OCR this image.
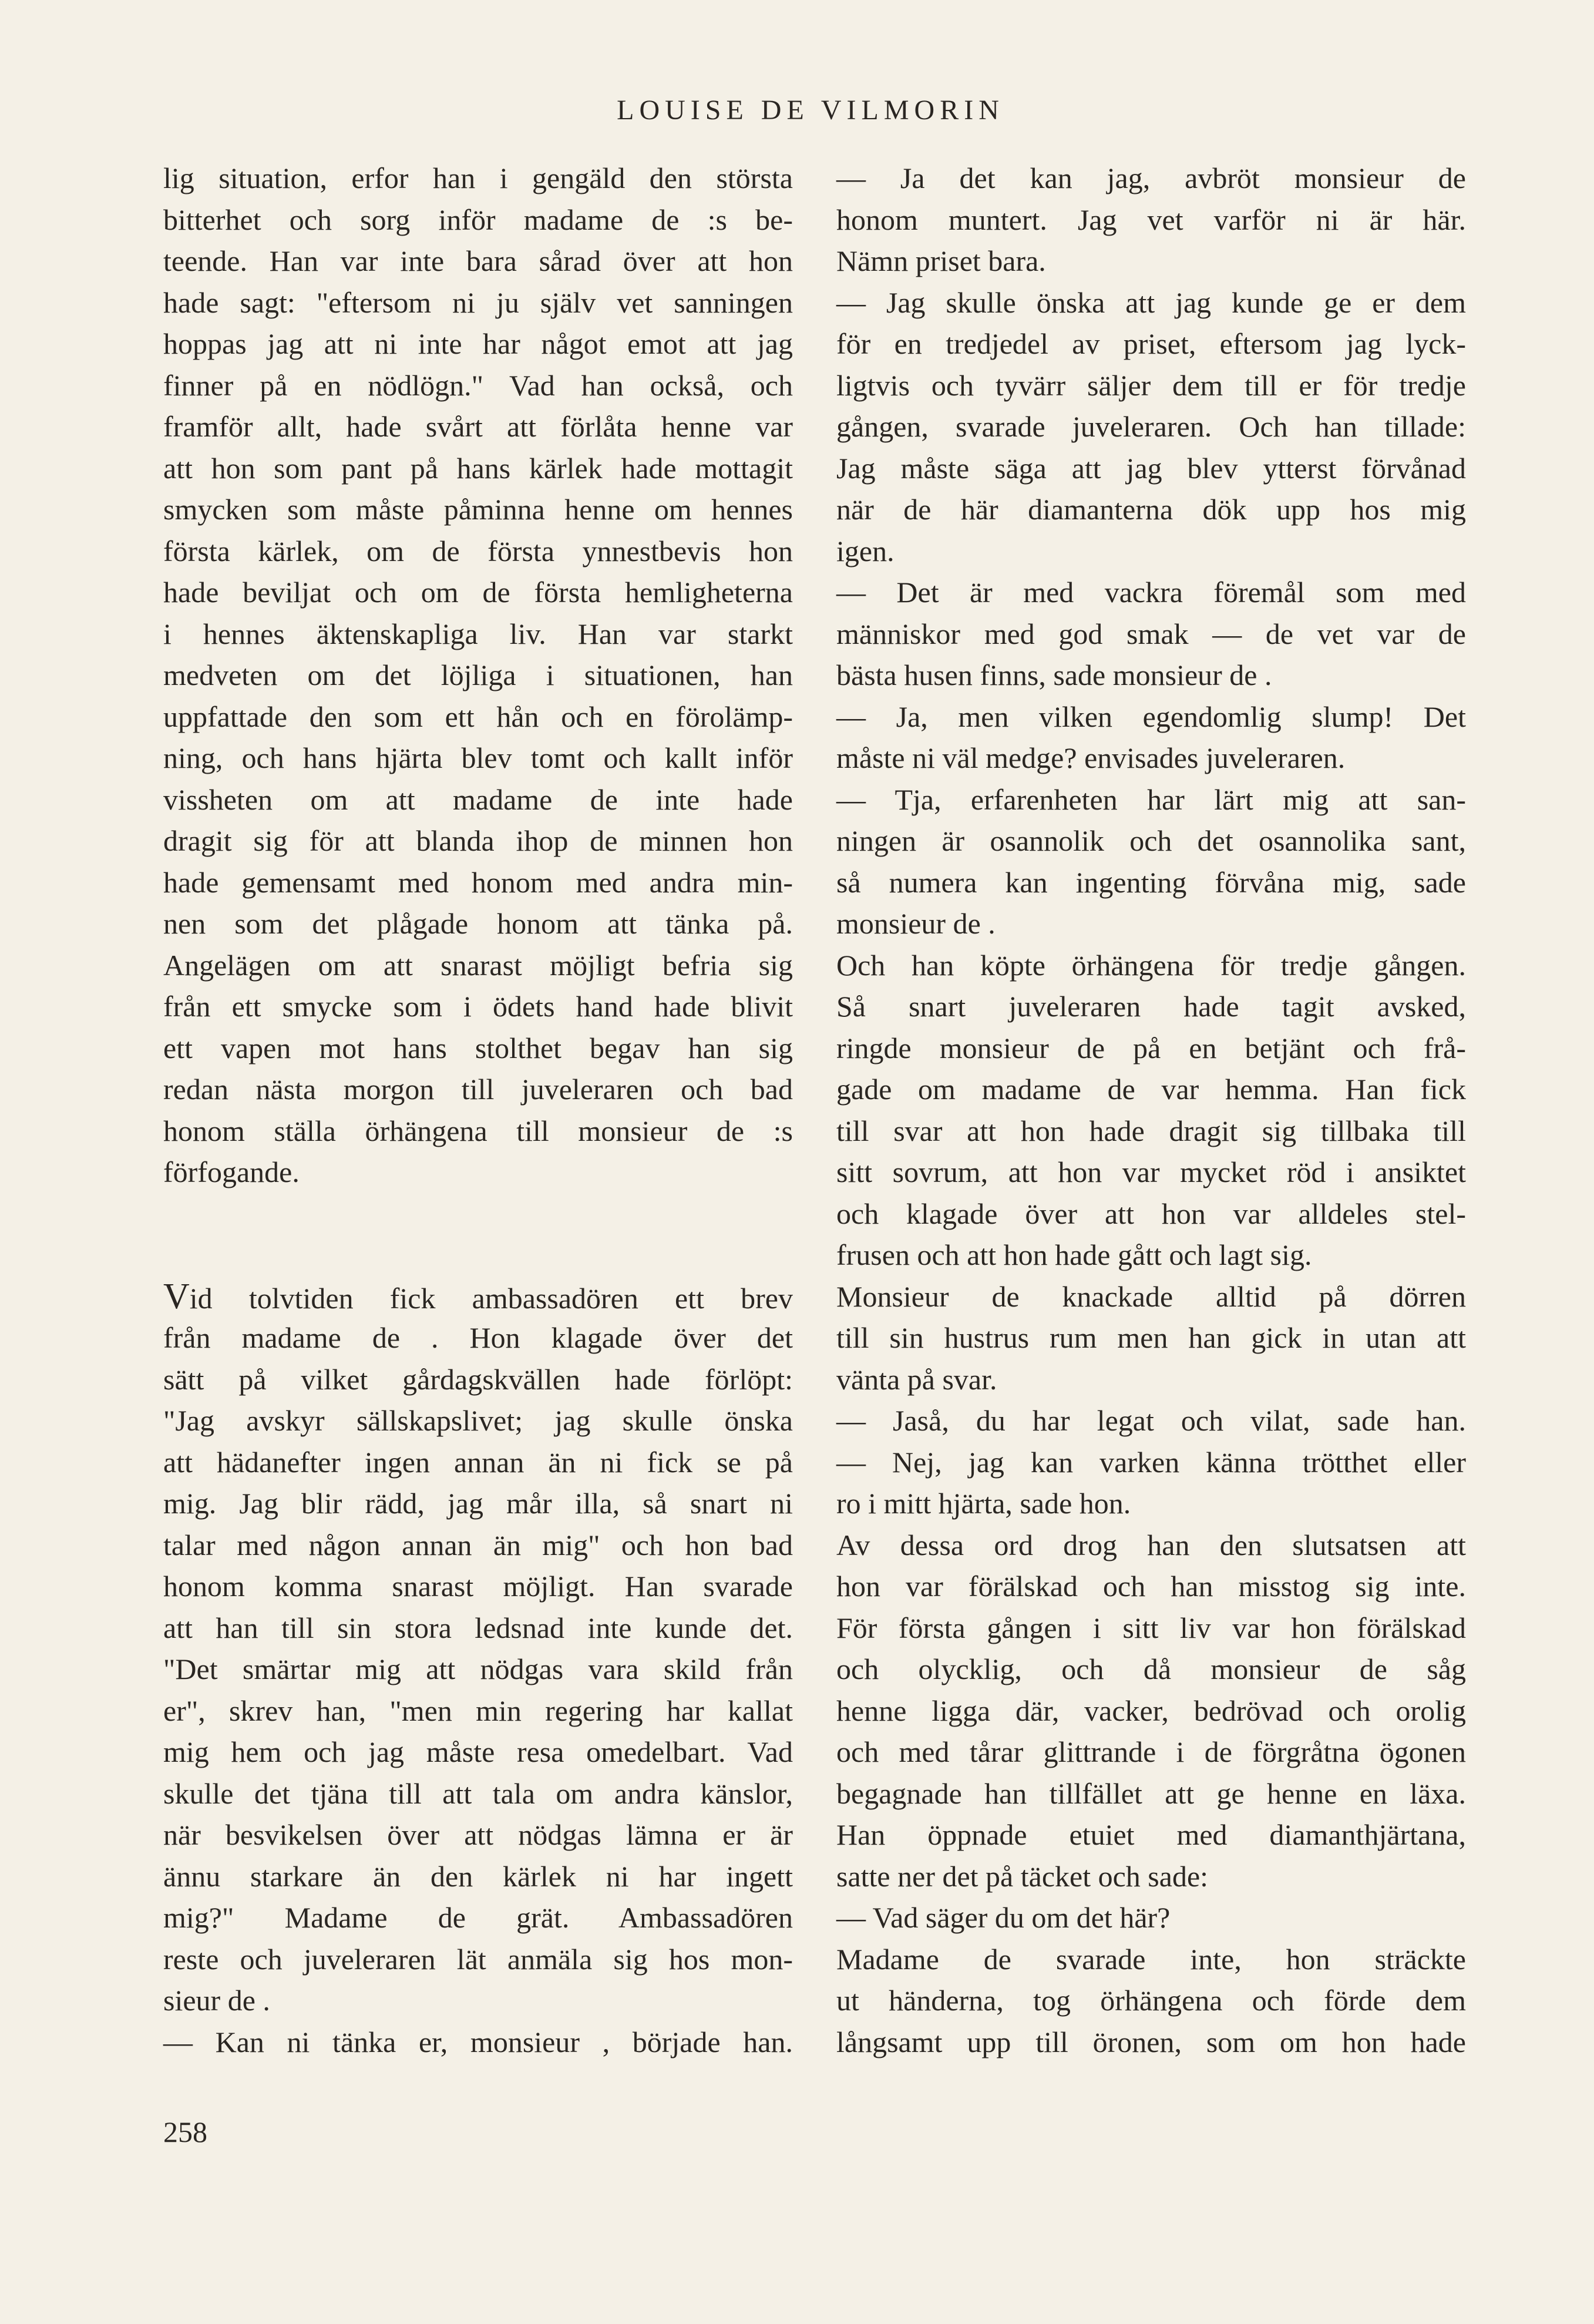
LOUISE DE VILMORIN
lig situation, erfor han i gengäld den största
bitterhet och sorg inför madame de :s be-
teende. Han var inte bara sårad över att hon
hade sagt: "eftersom ni ju själv vet sanningen
hoppas jag att ni inte har något emot att jag
finner på en nödlögn." Vad han också, och
framför allt, hade svårt att förlåta henne var
att hon som pant på hans kärlek hade mottagit
smycken som måste påminna henne om hennes
första kärlek, om de första ynnestbevis hon
hade beviljat och om de första hemligheterna
i hennes äktenskapliga liv. Han var starkt
medveten om det löjliga i situationen, han
uppfattade den som ett hån och en förolämp-
ning, och hans hjärta blev tomt och kallt inför
vissheten om att madame de inte hade
dragit sig för att blanda ihop de minnen hon
hade gemensamt med honom med andra min-
nen som det plågade honom att tänka på.
Angelägen om att snarast möjligt befria sig
från ett smycke som i ödets hand hade blivit
ett vapen mot hans stolthet begav han sig
redan nästa morgon till juveleraren och bad
honom ställa örhängena till monsieur de :s
förfogande.
Vid tolvtiden fick ambassadören ett brev
från madame de . Hon klagade över det
sätt på vilket gårdagskvällen hade förlöpt:
"Jag avskyr sällskapslivet; jag skulle önska
att hädanefter ingen annan än ni fick se på
mig. Jag blir rädd, jag mår illa, så snart ni
talar med någon annan än mig" och hon bad
honom komma snarast möjligt. Han svarade
att han till sin stora ledsnad inte kunde det.
"Det smärtar mig att nödgas vara skild från
er", skrev han, "men min regering har kallat
mig hem och jag måste resa omedelbart. Vad
skulle det tjäna till att tala om andra känslor,
när besvikelsen över att nödgas lämna er är
ännu starkare än den kärlek ni har ingett
mig?" Madame de grät. Ambassadören
reste och juveleraren lät anmäla sig hos mon-
sieur de .
— Kan ni tänka er, monsieur , började han.
— Ja det kan jag, avbröt monsieur de
honom muntert. Jag vet varför ni är här.
Nämn priset bara.
— Jag skulle önska att jag kunde ge er dem
för en tredjedel av priset, eftersom jag lyck-
ligtvis och tyvärr säljer dem till er för tredje
gången, svarade juveleraren. Och han tillade:
Jag måste säga att jag blev ytterst förvånad
när de här diamanterna dök upp hos mig
igen.
— Det är med vackra föremål som med
människor med god smak — de vet var de
bästa husen finns, sade monsieur de .
— Ja, men vilken egendomlig slump! Det
måste ni väl medge? envisades juveleraren.
— Tja, erfarenheten har lärt mig att san-
ningen är osannolik och det osannolika sant,
så numera kan ingenting förvåna mig, sade
monsieur de .
Och han köpte örhängena för tredje gången.
Så snart juveleraren hade tagit avsked,
ringde monsieur de på en betjänt och frå-
gade om madame de var hemma. Han fick
till svar att hon hade dragit sig tillbaka till
sitt sovrum, att hon var mycket röd i ansiktet
och klagade över att hon var alldeles stel-
frusen och att hon hade gått och lagt sig.
Monsieur de knackade alltid på dörren
till sin hustrus rum men han gick in utan att
vänta på svar.
— Jaså, du har legat och vilat, sade han.
— Nej, jag kan varken känna trötthet eller
ro i mitt hjärta, sade hon.
Av dessa ord drog han den slutsatsen att
hon var förälskad och han misstog sig inte.
För första gången i sitt liv var hon förälskad
och olycklig, och då monsieur de såg
henne ligga där, vacker, bedrövad och orolig
och med tårar glittrande i de förgråtna ögonen
begagnade han tillfället att ge henne en läxa.
Han öppnade etuiet med diamanthjärtana,
satte ner det på täcket och sade:
— Vad säger du om det här?
Madame de svarade inte, hon sträckte
ut händerna, tog örhängena och förde dem
långsamt upp till öronen, som om hon hade
258
